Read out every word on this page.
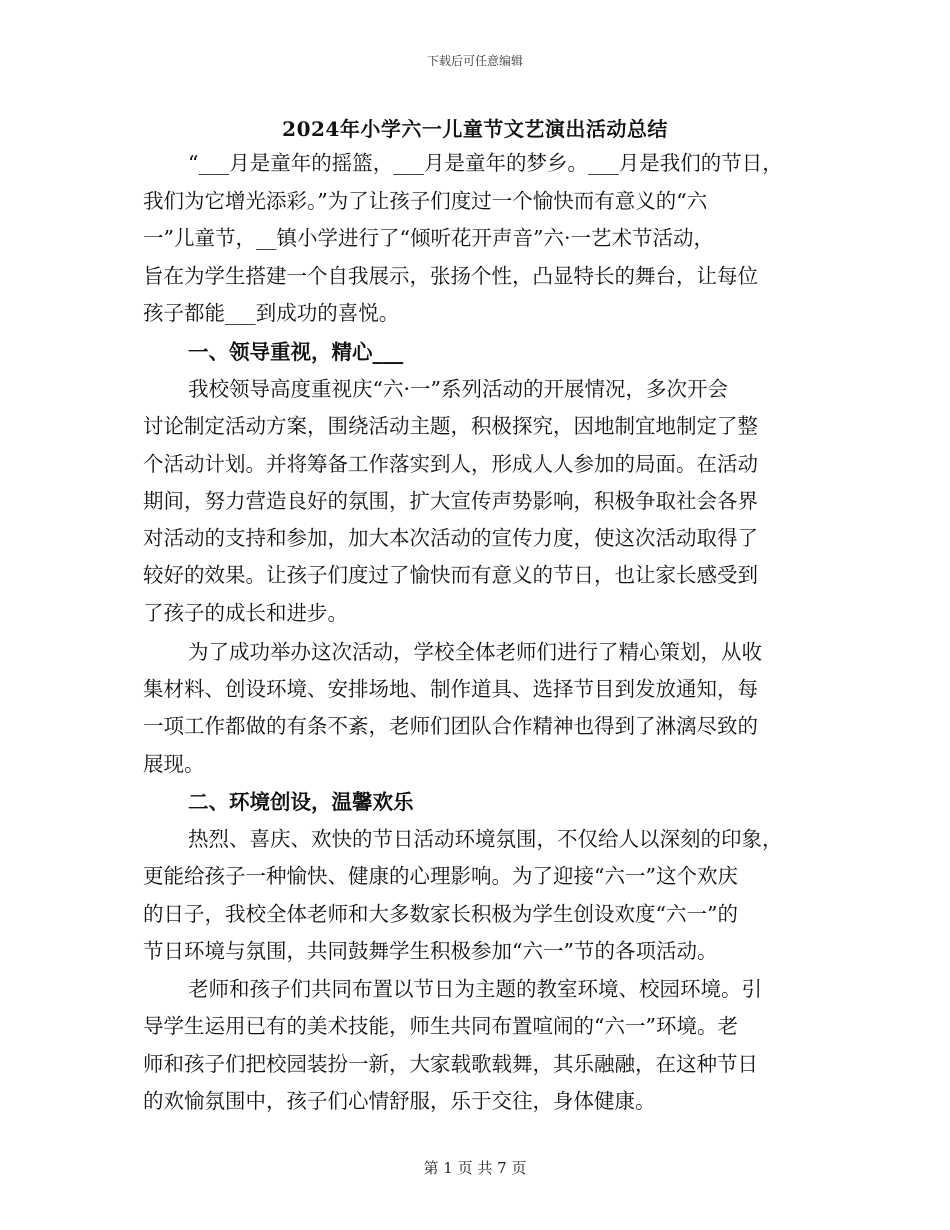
下载后可任意编辑
2024年小学六一儿童节文艺演出活动总结
“___月是童年的摇篮，___月是童年的梦乡。___月是我们的节日，
我们为它增光添彩。”为了让孩子们度过一个愉快而有意义的“六
一”儿童节，__镇小学进行了“倾听花开声音”六·一艺术节活动，
旨在为学生搭建一个自我展示，张扬个性，凸显特长的舞台，让每位
孩子都能___到成功的喜悦。
一、领导重视，精心___
我校领导高度重视庆“六·一”系列活动的开展情况，多次开会
讨论制定活动方案，围绕活动主题，积极探究，因地制宜地制定了整
个活动计划。并将筹备工作落实到人，形成人人参加的局面。在活动
期间，努力营造良好的氛围，扩大宣传声势影响，积极争取社会各界
对活动的支持和参加，加大本次活动的宣传力度，使这次活动取得了
较好的效果。让孩子们度过了愉快而有意义的节日，也让家长感受到
了孩子的成长和进步。
为了成功举办这次活动，学校全体老师们进行了精心策划，从收
集材料、创设环境、安排场地、制作道具、选择节目到发放通知，每
一项工作都做的有条不紊，老师们团队合作精神也得到了淋漓尽致的
展现。
二、环境创设，温馨欢乐
热烈、喜庆、欢快的节日活动环境氛围，不仅给人以深刻的印象，
更能给孩子一种愉快、健康的心理影响。为了迎接“六一”这个欢庆
的日子，我校全体老师和大多数家长积极为学生创设欢度“六一”的
节日环境与氛围，共同鼓舞学生积极参加“六一”节的各项活动。
老师和孩子们共同布置以节日为主题的教室环境、校园环境。引
导学生运用已有的美术技能，师生共同布置喧闹的“六一”环境。老
师和孩子们把校园装扮一新，大家载歌载舞，其乐融融，在这种节日
的欢愉氛围中，孩子们心情舒服，乐于交往，身体健康。
第 1 页 共 7 页
